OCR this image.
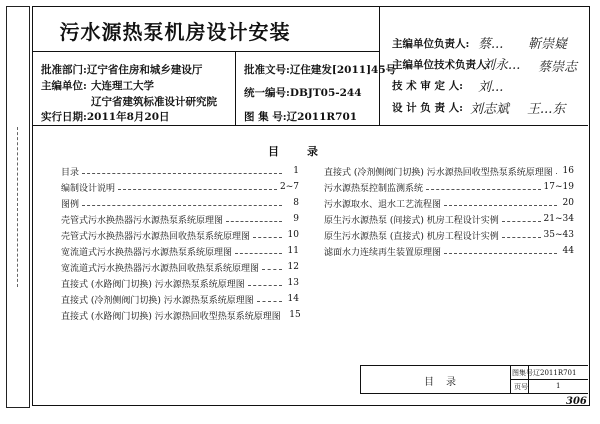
污水源热泵机房设计安装
批准部门:辽宁省住房和城乡建设厅
主编单位: 大连理工大学
辽宁省建筑标准设计研究院
实行日期:2011年8月20日
批准文号:辽住建发[2011]45号
统一编号:DBJT05-244
图 集 号:辽2011R701
主编单位负责人: 蔡... 靳崇嶷
主编单位技术负责人:
刘永... 蔡崇志
技 术 审 定 人: 刘...
设 计 负 责 人: 刘志斌 王...东
目录
目录	1
编制设计说明	2~7
图例	8
壳管式污水换热器污水源热泵系统原理图	9
壳管式污水换热器污水源热回收热泵系统原理图	10
宽流道式污水换热器污水源热泵系统原理图	11
宽流道式污水换热器污水源热回收热泵系统原理图	12
直接式 (水路阀门切换) 污水源热泵系统原理图	13
直接式 (冷剂侧阀门切换) 污水源热泵系统原理图	14
直接式 (水路阀门切换) 污水源热回收型热泵系统原理图 15
直接式 (冷剂侧阀门切换) 污水源热回收型热泵系统原理图 16
污水源热泵控制监测系统	17~19
污水源取水、退水工艺流程图	20
原生污水源热泵 (间接式) 机房工程设计实例	21~34
原生污水源热泵 (直接式) 机房工程设计实例	35~43
滤面水力连续再生装置原理图	44
目录
图集号 辽2011R701
页号	1
306
